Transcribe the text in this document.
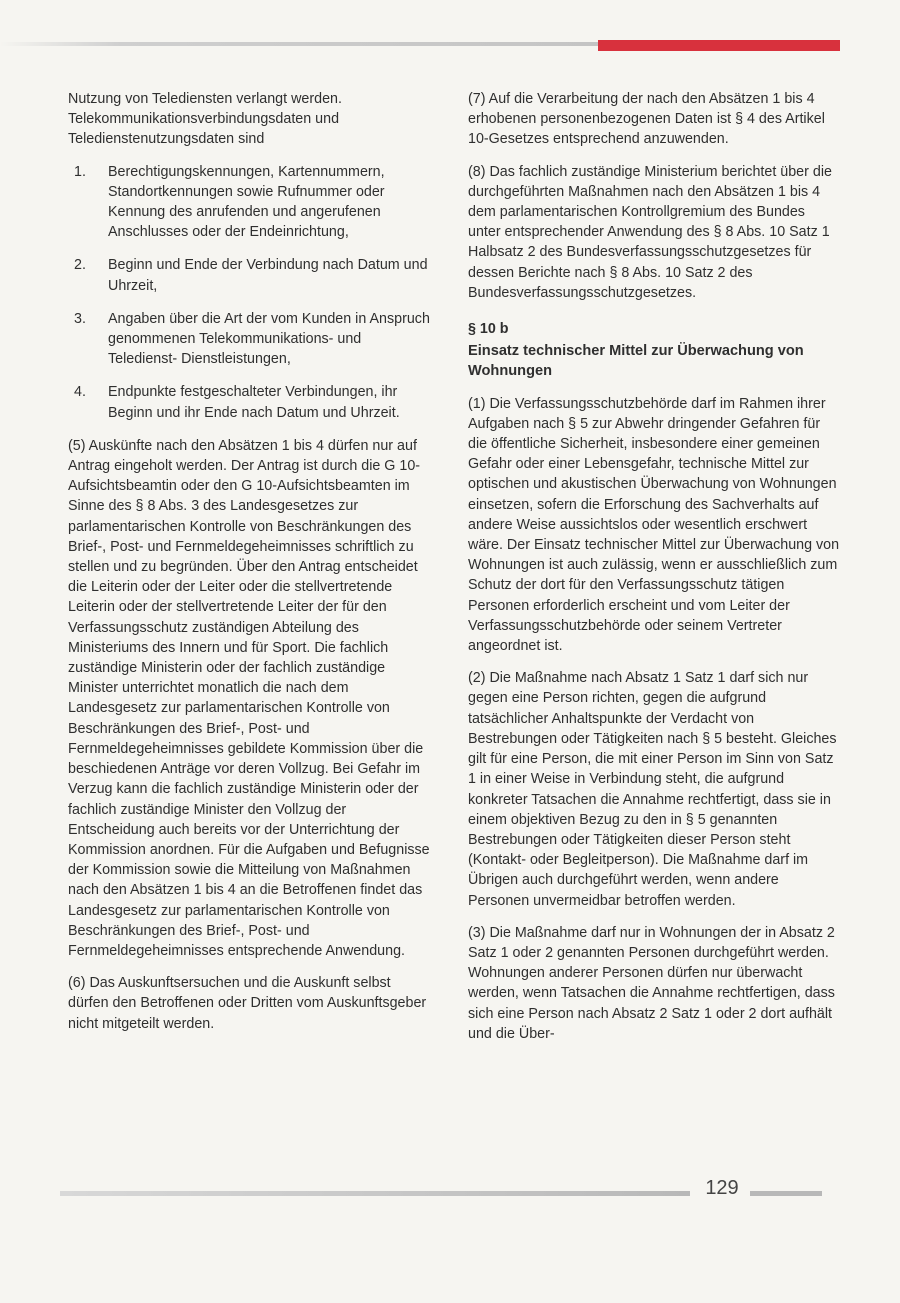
Nutzung von Telediensten verlangt werden. Telekommunikationsverbindungsdaten und Teledienstenutzungsdaten sind

1.	Berechtigungskennungen, Kartennummern, Standortkennungen sowie Rufnummer oder Kennung des anrufenden und angerufenen Anschlusses oder der Endeinrichtung,
2.	Beginn und Ende der Verbindung nach Datum und Uhrzeit,
3.	Angaben über die Art der vom Kunden in Anspruch genommenen Telekommunikations- und Teledienst- Dienstleistungen,
4.	Endpunkte festgeschalteter Verbindungen, ihr Beginn und ihr Ende nach Datum und Uhrzeit.

(5) Auskünfte nach den Absätzen 1 bis 4 dürfen nur auf Antrag eingeholt werden. Der Antrag ist durch die G 10- Aufsichtsbeamtin oder den G 10-Aufsichtsbeamten im Sinne des § 8 Abs. 3 des Landesgesetzes zur parlamentarischen Kontrolle von Beschränkungen des Brief-, Post- und Fernmeldegeheimnisses schriftlich zu stellen und zu begründen. Über den Antrag entscheidet die Leiterin oder der Leiter oder die stellvertretende Leiterin oder der stellvertretende Leiter der für den Verfassungsschutz zuständigen Abteilung des Ministeriums des Innern und für Sport. Die fachlich zuständige Ministerin oder der fachlich zuständige Minister unterrichtet monatlich die nach dem Landesgesetz zur parlamentarischen Kontrolle von Beschränkungen des Brief-, Post- und Fernmeldegeheimnisses gebildete Kommission über die beschiedenen Anträge vor deren Vollzug. Bei Gefahr im Verzug kann die fachlich zuständige Ministerin oder der fachlich zuständige Minister den Vollzug der Entscheidung auch bereits vor der Unterrichtung der Kommission anordnen. Für die Aufgaben und Befugnisse der Kommission sowie die Mitteilung von Maßnahmen nach den Absätzen 1 bis 4 an die Betroffenen findet das Landesgesetz zur parlamentarischen Kontrolle von Beschränkungen des Brief-, Post- und Fernmeldegeheimnisses entsprechende Anwendung.

(6) Das Auskunftsersuchen und die Auskunft selbst dürfen den Betroffenen oder Dritten vom Auskunftsgeber nicht mitgeteilt werden.

(7) Auf die Verarbeitung der nach den Absätzen 1 bis 4 erhobenen personenbezogenen Daten ist § 4 des Artikel 10-Gesetzes entsprechend anzuwenden.

(8) Das fachlich zuständige Ministerium berichtet über die durchgeführten Maßnahmen nach den Absätzen 1 bis 4 dem parlamentarischen Kontrollgremium des Bundes unter entsprechender Anwendung des § 8 Abs. 10 Satz 1 Halbsatz 2 des Bundesverfassungsschutzgesetzes für dessen Berichte nach § 8 Abs. 10 Satz 2 des Bundesverfassungsschutzgesetzes.

§ 10 b
Einsatz technischer Mittel zur Überwachung von Wohnungen

(1) Die Verfassungsschutzbehörde darf im Rahmen ihrer Aufgaben nach § 5 zur Abwehr dringender Gefahren für die öffentliche Sicherheit, insbesondere einer gemeinen Gefahr oder einer Lebensgefahr, technische Mittel zur optischen und akustischen Überwachung von Wohnungen einsetzen, sofern die Erforschung des Sachverhalts auf andere Weise aussichtslos oder wesentlich erschwert wäre. Der Einsatz technischer Mittel zur Überwachung von Wohnungen ist auch zulässig, wenn er ausschließlich zum Schutz der dort für den Verfassungsschutz tätigen Personen erforderlich erscheint und vom Leiter der Verfassungsschutzbehörde oder seinem Vertreter angeordnet ist.

(2) Die Maßnahme nach Absatz 1 Satz 1 darf sich nur gegen eine Person richten, gegen die aufgrund tatsächlicher Anhaltspunkte der Verdacht von Bestrebungen oder Tätigkeiten nach § 5 besteht. Gleiches gilt für eine Person, die mit einer Person im Sinn von Satz 1 in einer Weise in Verbindung steht, die aufgrund konkreter Tatsachen die Annahme rechtfertigt, dass sie in einem objektiven Bezug zu den in § 5 genannten Bestrebungen oder Tätigkeiten dieser Person steht (Kontakt- oder Begleitperson). Die Maßnahme darf im Übrigen auch durchgeführt werden, wenn andere Personen unvermeidbar betroffen werden.

(3) Die Maßnahme darf nur in Wohnungen der in Absatz 2 Satz 1 oder 2 genannten Personen durchgeführt werden. Wohnungen anderer Personen dürfen nur überwacht werden, wenn Tatsachen die Annahme rechtfertigen, dass sich eine Person nach Absatz 2 Satz 1 oder 2 dort aufhält und die Über-

129
